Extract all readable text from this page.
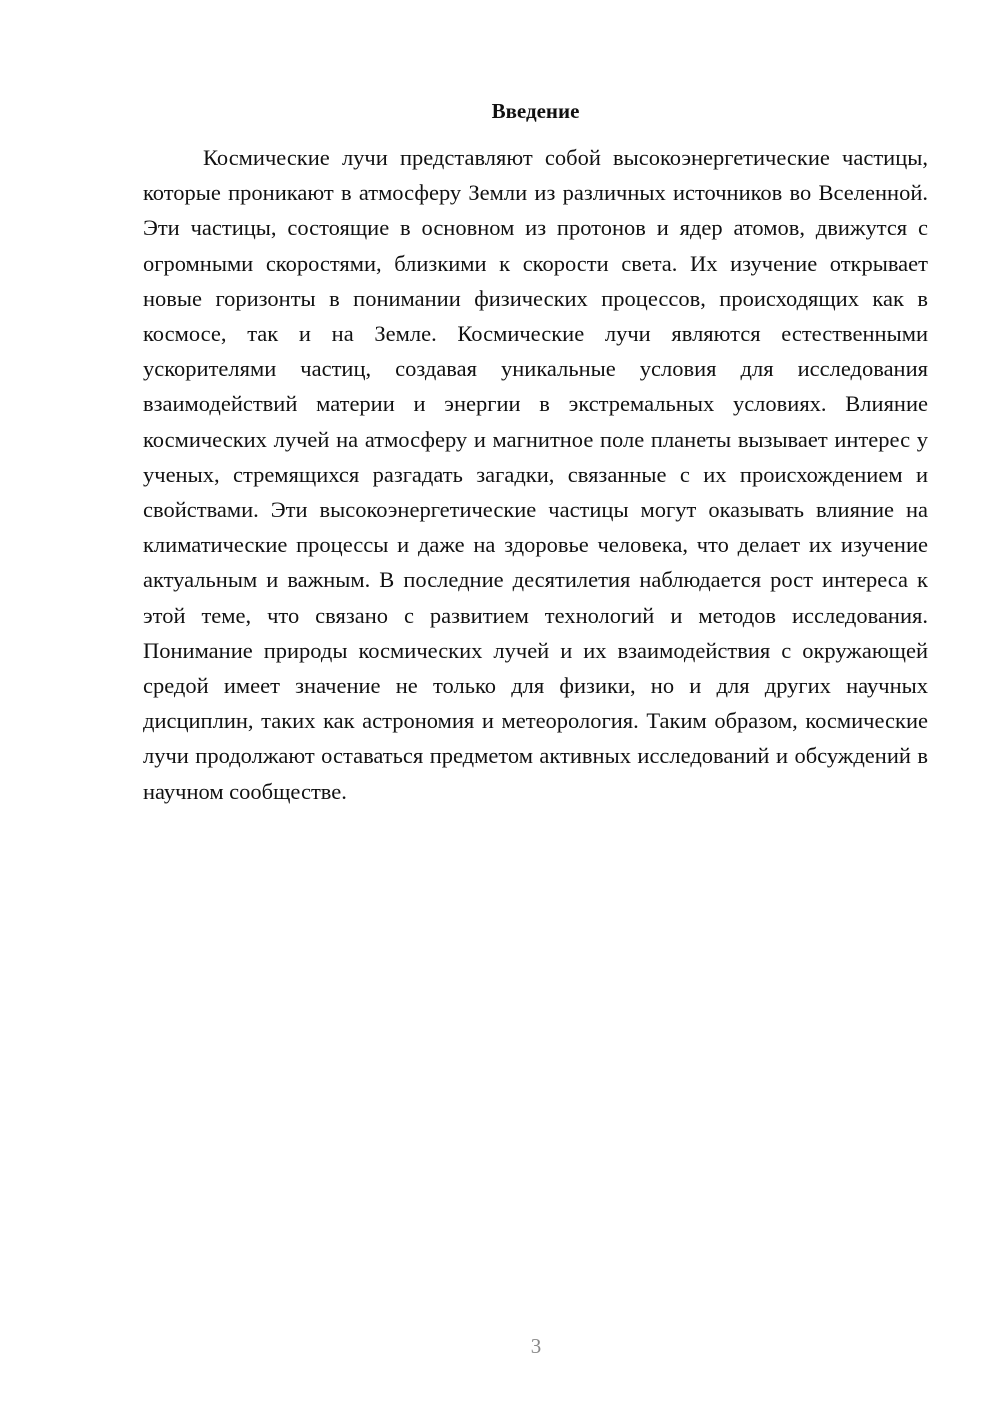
Введение

Космические лучи представляют собой высокоэнергетические частицы, которые проникают в атмосферу Земли из различных источников во Вселенной. Эти частицы, состоящие в основном из протонов и ядер атомов, движутся с огромными скоростями, близкими к скорости света. Их изучение открывает новые горизонты в понимании физических процессов, происходящих как в космосе, так и на Земле. Космические лучи являются естественными ускорителями частиц, создавая уникальные условия для исследования взаимодействий материи и энергии в экстремальных условиях. Влияние космических лучей на атмосферу и магнитное поле планеты вызывает интерес у ученых, стремящихся разгадать загадки, связанные с их происхождением и свойствами. Эти высокоэнергетические частицы могут оказывать влияние на климатические процессы и даже на здоровье человека, что делает их изучение актуальным и важным. В последние десятилетия наблюдается рост интереса к этой теме, что связано с развитием технологий и методов исследования. Понимание природы космических лучей и их взаимодействия с окружающей средой имеет значение не только для физики, но и для других научных дисциплин, таких как астрономия и метеорология. Таким образом, космические лучи продолжают оставаться предметом активных исследований и обсуждений в научном сообществе.

3
